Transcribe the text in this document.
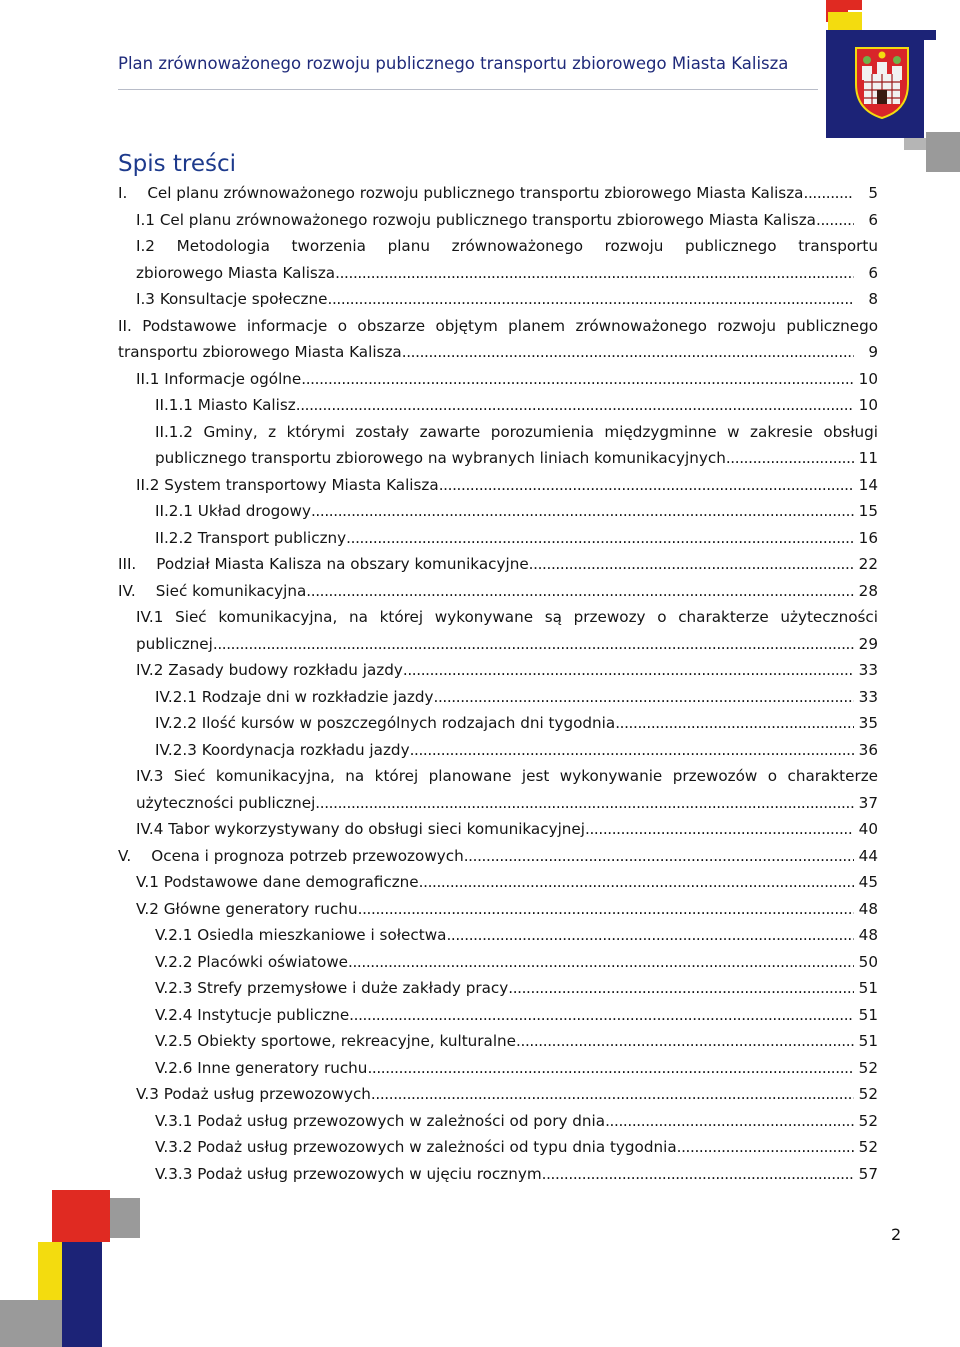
Plan zrównoważonego rozwoju publicznego transportu zbiorowego Miasta Kalisza
Spis treści
I. Cel planu zrównoważonego rozwoju publicznego transportu zbiorowego Miasta Kalisza . . .	5
I.1 Cel planu zrównoważonego rozwoju publicznego transportu zbiorowego Miasta Kalisza . . .	6
I.2 Metodologia tworzenia planu zrównoważonego rozwoju publicznego transportu
zbiorowego Miasta Kalisza . . .	6
I.3 Konsultacje społeczne . . .	8
II. Podstawowe informacje o obszarze objętym planem zrównoważonego rozwoju publicznego
transportu zbiorowego Miasta Kalisza . . .	9
II.1 Informacje ogólne . . .	10
II.1.1 Miasto Kalisz . . .	10
II.1.2 Gminy, z którymi zostały zawarte porozumienia międzygminne w zakresie obsługi
publicznego transportu zbiorowego na wybranych liniach komunikacyjnych . . .	11
II.2 System transportowy Miasta Kalisza . . .	14
II.2.1 Układ drogowy . . .	15
II.2.2 Transport publiczny . . .	16
III. Podział Miasta Kalisza na obszary komunikacyjne . . .	22
IV. Sieć komunikacyjna . . .	28
IV.1 Sieć komunikacyjna, na której wykonywane są przewozy o charakterze użyteczności
publicznej . . .	29
IV.2 Zasady budowy rozkładu jazdy . . .	33
IV.2.1 Rodzaje dni w rozkładzie jazdy . . .	33
IV.2.2 Ilość kursów w poszczególnych rodzajach dni tygodnia . . .	35
IV.2.3 Koordynacja rozkładu jazdy . . .	36
IV.3 Sieć komunikacyjna, na której planowane jest wykonywanie przewozów o charakterze
użyteczności publicznej . . .	37
IV.4 Tabor wykorzystywany do obsługi sieci komunikacyjnej . . .	40
V. Ocena i prognoza potrzeb przewozowych . . .	44
V.1 Podstawowe dane demograficzne . . .	45
V.2 Główne generatory ruchu . . .	48
V.2.1 Osiedla mieszkaniowe i sołectwa . . .	48
V.2.2 Placówki oświatowe . . .	50
V.2.3 Strefy przemysłowe i duże zakłady pracy . . .	51
V.2.4 Instytucje publiczne . . .	51
V.2.5 Obiekty sportowe, rekreacyjne, kulturalne . . .	51
V.2.6 Inne generatory ruchu . . .	52
V.3 Podaż usług przewozowych . . .	52
V.3.1 Podaż usług przewozowych w zależności od pory dnia . . .	52
V.3.2 Podaż usług przewozowych w zależności od typu dnia tygodnia . . .	52
V.3.3 Podaż usług przewozowych w ujęciu rocznym . . .	57
2
